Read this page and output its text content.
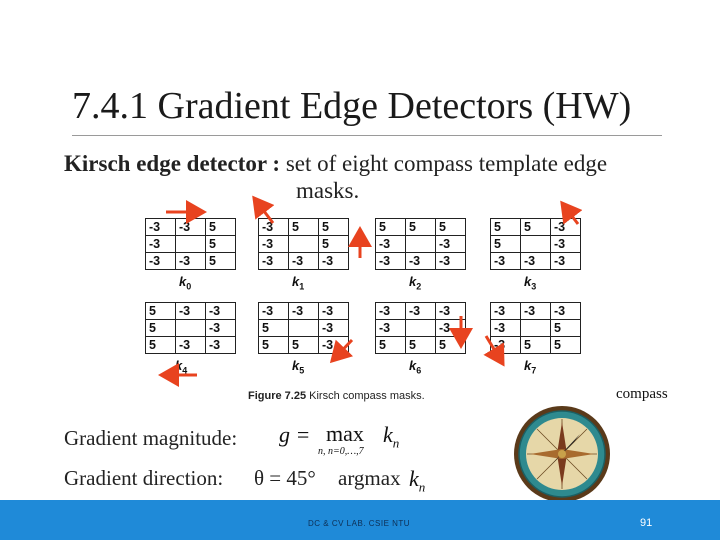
7.4.1 Gradient Edge Detectors (HW)
Kirsch edge detector : set of eight compass template edge
masks.
-3	-3	5
-3		5
-3	-3	5
-3	5	5
-3		5
-3	-3	-3
5	5	5
-3		-3
-3	-3	-3
5	5	-3
5		-3
-3	-3	-3
$k_0$	$k_1$	$k_2$	$k_3$
5	-3	-3
5		-3
5	-3	-3
-3	-3	-3
5		-3
5	5	-3
-3	-3	-3
-3		-3
5	5	5
-3	-3	-3
-3		5
-3	5	5
$k_4$	$k_5$	$k_6$	$k_7$
Figure 7.25 Kirsch compass masks.	compass
Gradient magnitude: g = max
n, n=0,…,7
$k_n$
Gradient direction: θ = 45° argmax $k_n$
DC & CV LAB. CSIE NTU	91
